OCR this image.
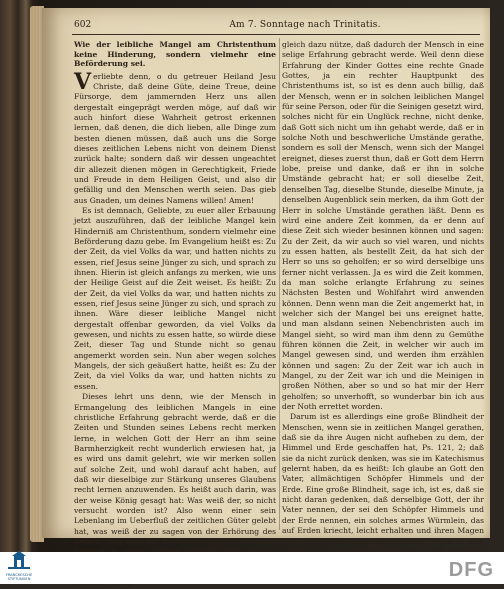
602	Am 7. Sonntage nach Trinitatis.

Wie der leibliche Mangel am Christenthum keine Hinderung, sondern vielmehr eine Beförderung sei.

Verliebte denn, o du getreuer Heiland Jesu Christe, daß deine Güte, deine Treue, deine Fürsorge, dem jammernden Herz uns allen dergestalt eingeprägt werden möge, auf daß wir auch hinfort diese Wahrheit getrost erkennen lernen, daß denen, die dich lieben, alle Dinge zum besten dienen müssen, daß auch uns die Sorge dieses zeitlichen Lebens nicht von deinem Dienst zurück halte; sondern daß wir dessen ungeachtet dir allezeit dienen mögen in Gerechtigkeit, Friede und Freude in dem Heiligen Geist, und also dir gefällig und den Menschen werth seien. Das gieb aus Gnaden, um deines Namens willen! Amen!

Es ist demnach, Geliebte, zu euer aller Erbauung jetzt auszuführen, daß der leibliche Mangel kein Hinderniß am Christenthum, sondern vielmehr eine Beförderung dazu gebe. Im Evangelium heißt es: Zu der Zeit, da viel Volks da war, und hatten nichts zu essen, rief Jesus seine Jünger zu sich, und sprach zu ihnen. Hierin ist gleich anfangs zu merken, wie uns der Heilige Geist auf die Zeit weiset. Es heißt: Zu der Zeit, da viel Volks da war, und hatten nichts zu essen, rief Jesus seine Jünger zu sich, und sprach zu ihnen. Wäre dieser leibliche Mangel nicht dergestalt offenbar geworden, da viel Volks da gewesen, und nichts zu essen hatte, so würde diese Zeit, dieser Tag und Stunde nicht so genau angemerkt worden sein. Nun aber wegen solches Mangels, der sich geäußert hatte, heißt es: Zu der Zeit, da viel Volks da war, und hatten nichts zu essen.

Dieses lehrt uns denn, wie der Mensch in Ermangelung des leiblichen Mangels in eine christliche Erfahrung gebracht werde, daß er die Zeiten und Stunden seines Lebens recht merken lerne, in welchen Gott der Herr an ihm seine Barmherzigkeit recht wunderlich erwiesen hat, ja es wird uns damit gelehrt, wie wir merken sollen auf solche Zeit, und wohl darauf acht haben, auf daß wir dieselbige zur Stärkung unseres Glaubens recht lernen anzuwenden. Es heißt auch darin, was der weise König gesagt hat: Was weiß der, so nicht versucht worden ist? Also wenn einer sein Lebenlang im Ueberfluß der zeitlichen Güter gelebt hat, was weiß der zu sagen von der Erhörung des Gebets? Was weiß der davon zu reden, wie es einem

gleich dazu nütze, daß dadurch der Mensch in eine selige Erfahrung gebracht werde. Weil denn diese Erfahrung der Kinder Gottes eine rechte Gnade Gottes, ja ein rechter Hauptpunkt des Christenthums ist, so ist es denn auch billig, daß der Mensch, wenn er in solchen leiblichen Mangel für seine Person, oder für die Seinigen gesetzt wird, solches nicht für ein Unglück rechne, nicht denke, daß Gott sich nicht um ihn gehabt werde, daß er in solche Noth und beschwerliche Umstände gerathe, sondern es soll der Mensch, wenn sich der Mangel ereignet, dieses zuerst thun, daß er Gott dem Herrn lobe, preise und danke, daß er ihn in solche Umstände gebracht hat; er soll dieselbe Zeit, denselben Tag, dieselbe Stunde, dieselbe Minute, ja denselben Augenblick sein merken, da ihm Gott der Herr in solche Umstände gerathen läßt. Denn es wird eine andere Zeit kommen, da er denn auf diese Zeit sich wieder besinnen können und sagen: Zu der Zeit, da wir auch so viel waren, und nichts zu essen hatten, als bestellt Zeit, da hat sich der Herr so uns so geholfen; er so wird derselbige uns ferner nicht verlassen. Ja es wird die Zeit kommen, da man solche erlangte Erfahrung zu seines Nächsten Besten und Wohlfahrt wird anwenden können. Denn wenn man die Zeit angemerkt hat, in welcher sich der Mangel bei uns ereignet hatte, und man alsdann seinen Nebenchristen auch im Mangel sieht, so wird man ihm denn zu Gemüthe führen können die Zeit, in welcher wir auch im Mangel gewesen sind, und werden ihm erzählen können und sagen: Zu der Zeit war ich auch in Mangel, zu der Zeit war ich und die Meinigen in großen Nöthen, aber so und so hat mir der Herr geholfen; so unverhofft, so wunderbar bin ich aus der Noth errettet worden.

Darum ist es allerdings eine große Blindheit der Menschen, wenn sie in zeitlichen Mangel gerathen, daß sie da ihre Augen nicht aufheben zu dem, der Himmel und Erde geschaffen hat, Ps. 121, 2; daß sie da nicht zurück denken, was sie im Katechismus gelernt haben, da es heißt: Ich glaube an Gott den Vater, allmächtigen Schöpfer Himmels und der Erde. Eine große Blindheit, sage ich, ist es, daß sie nicht daran gedenken, daß derselbige Gott, der ihr Vater nennen, der sei den Schöpfer Himmels und der Erde nennen, ein solches armes Würmlein, das auf Erden kriecht, leicht erhalten und ihren Magen füllen, ja ein Uebriges geben könne, wenn es sein

FRANCKESCHE STIFTUNGEN	DFG
